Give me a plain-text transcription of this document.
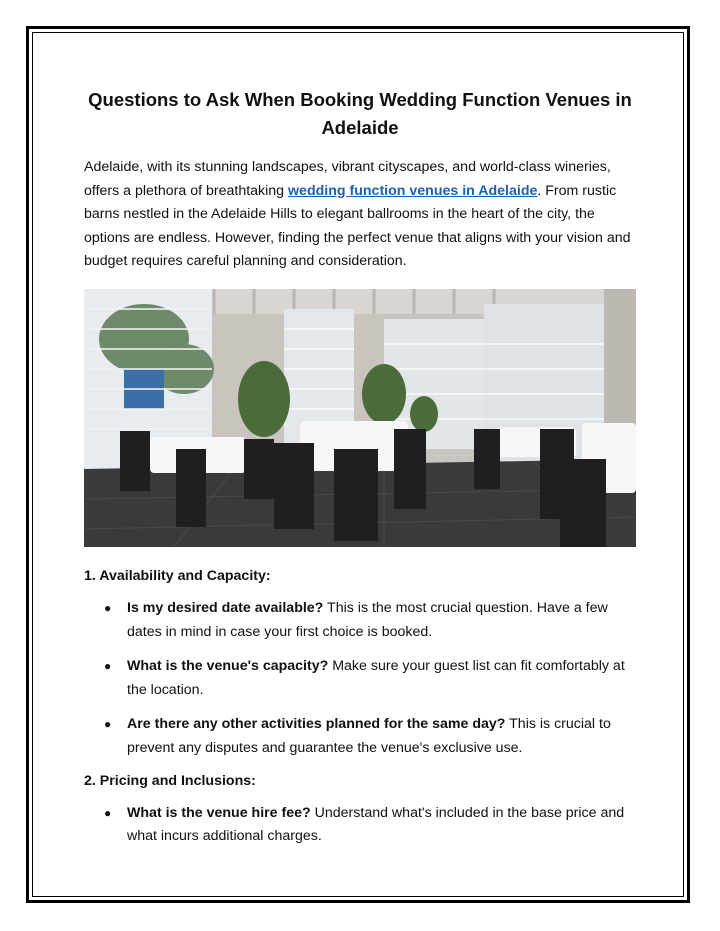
Questions to Ask When Booking Wedding Function Venues in Adelaide

Adelaide, with its stunning landscapes, vibrant cityscapes, and world-class wineries, offers a plethora of breathtaking wedding function venues in Adelaide. From rustic barns nestled in the Adelaide Hills to elegant ballrooms in the heart of the city, the options are endless. However, finding the perfect venue that aligns with your vision and budget requires careful planning and consideration.

1. Availability and Capacity:
● Is my desired date available? This is the most crucial question. Have a few dates in mind in case your first choice is booked.
● What is the venue's capacity? Make sure your guest list can fit comfortably at the location.
● Are there any other activities planned for the same day? This is crucial to prevent any disputes and guarantee the venue's exclusive use.
2. Pricing and Inclusions:
● What is the venue hire fee? Understand what's included in the base price and what incurs additional charges.
